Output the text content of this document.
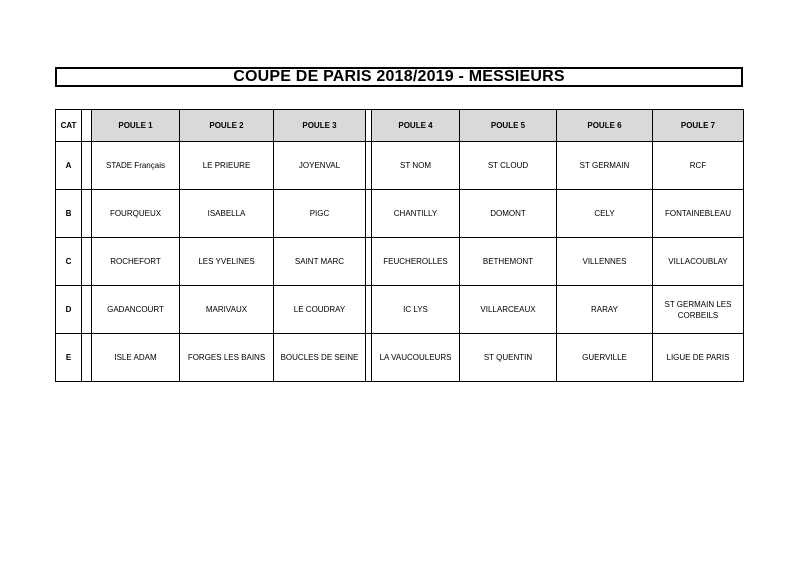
COUPE DE PARIS 2018/2019 - MESSIEURS
CAT		POULE 1	POULE 2	POULE 3		POULE 4	POULE 5	POULE 6	POULE 7
A		STADE Français	LE PRIEURE	JOYENVAL		ST NOM	ST CLOUD	ST GERMAIN	RCF
B		FOURQUEUX	ISABELLA	PIGC		CHANTILLY	DOMONT	CELY	FONTAINEBLEAU
C		ROCHEFORT	LES YVELINES	SAINT MARC		FEUCHEROLLES	BETHEMONT	VILLENNES	VILLACOUBLAY
D		GADANCOURT	MARIVAUX	LE COUDRAY		IC LYS	VILLARCEAUX	RARAY	ST GERMAIN LES CORBEILS
E		ISLE ADAM	FORGES LES BAINS	BOUCLES DE SEINE		LA VAUCOULEURS	ST QUENTIN	GUERVILLE	LIGUE DE PARIS
